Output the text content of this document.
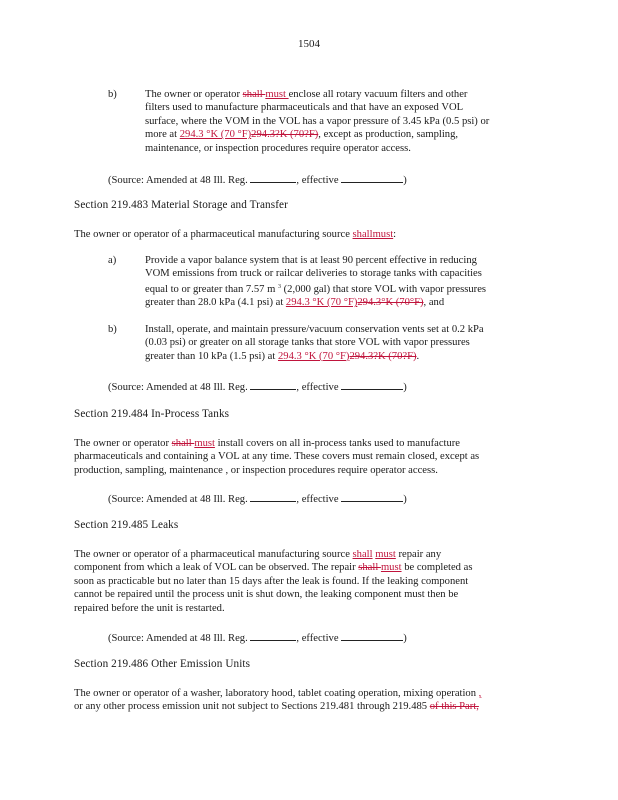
1504
b)	The owner or operator shall must enclose all rotary vacuum filters and other
filters used to manufacture pharmaceuticals and that have an exposed VOL
surface, where the VOM in the VOL has a vapor pressure of 3.45 kPa (0.5 psi) or
more at 294.3 °K (70 °F)294.3?K (70?F), except as production, sampling,
maintenance, or inspection procedures require operator access.
(Source: Amended at 48 Ill. Reg.	, effective	)
Section 219.483 Material Storage and Transfer
The owner or operator of a pharmaceutical manufacturing source shallmust:
a)	Provide a vapor balance system that is at least 90 percent effective in reducing
VOM emissions from truck or railcar deliveries to storage tanks with capacities
equal to or greater than 7.57 m $^3$ (2,000 gal) that store VOL with vapor pressures
greater than 28.0 kPa (4.1 psi) at 294.3 °K (70 °F)294.3°K (70°F), and
b)	Install, operate, and maintain pressure/vacuum conservation vents set at 0.2 kPa
(0.03 psi) or greater on all storage tanks that store VOL with vapor pressures
greater than 10 kPa (1.5 psi) at 294.3 °K (70 °F)294.3?K (70?F).
(Source: Amended at 48 Ill. Reg.	, effective	)
Section 219.484 In-Process Tanks
The owner or operator shall must install covers on all in-process tanks used to manufacture
pharmaceuticals and containing a VOL at any time. These covers must remain closed, except as
production, sampling, maintenance , or inspection procedures require operator access.
(Source: Amended at 48 Ill. Reg.	, effective	)
Section 219.485 Leaks
The owner or operator of a pharmaceutical manufacturing source shall must repair any
component from which a leak of VOL can be observed. The repair shall must be completed as
soon as practicable but no later than 15 days after the leak is found. If the leaking component
cannot be repaired until the process unit is shut down, the leaking component must then be
repaired before the unit is restarted.
(Source: Amended at 48 Ill. Reg.	, effective	)
Section 219.486 Other Emission Units
The owner or operator of a washer, laboratory hood, tablet coating operation, mixing operation ,
or any other process emission unit not subject to Sections 219.481 through 219.485 of this Part,
